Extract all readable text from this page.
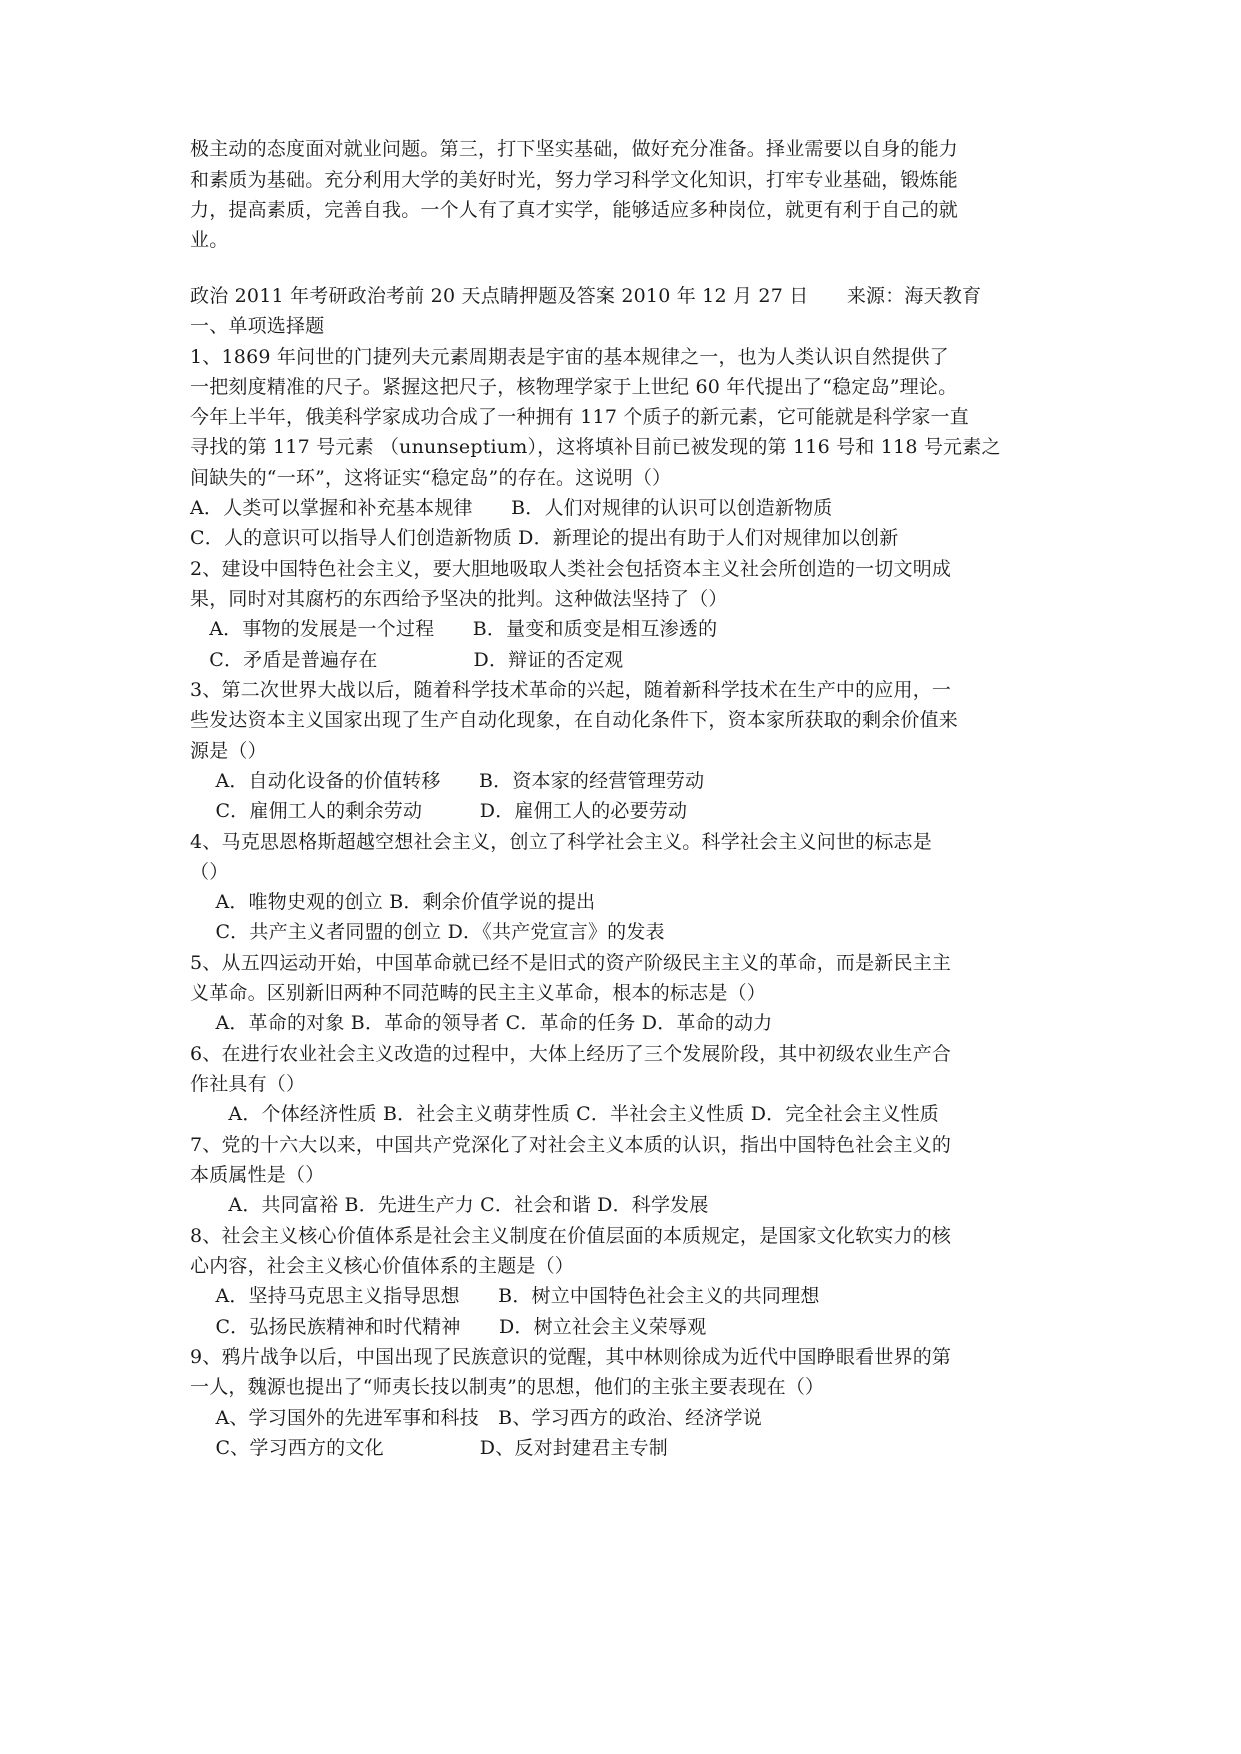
极主动的态度面对就业问题。第三，打下坚实基础，做好充分准备。择业需要以自身的能力
和素质为基础。充分利用大学的美好时光，努力学习科学文化知识，打牢专业基础，锻炼能
力，提高素质，完善自我。一个人有了真才实学，能够适应多种岗位，就更有利于自己的就
业。
政治 2011 年考研政治考前 20 天点睛押题及答案 2010 年 12 月 27 日　　来源：海天教育
一、单项选择题
1、1869 年问世的门捷列夫元素周期表是宇宙的基本规律之一，也为人类认识自然提供了
一把刻度精准的尺子。紧握这把尺子，核物理学家于上世纪 60 年代提出了“稳定岛”理论。
今年上半年，俄美科学家成功合成了一种拥有 117 个质子的新元素，它可能就是科学家一直
寻找的第 117 号元素 （ununseptium），这将填补目前已被发现的第 116 号和 118 号元素之
间缺失的“一环”，这将证实“稳定岛”的存在。这说明（）
A．人类可以掌握和补充基本规律　　B．人们对规律的认识可以创造新物质
C．人的意识可以指导人们创造新物质 D．新理论的提出有助于人们对规律加以创新
2、建设中国特色社会主义，要大胆地吸取人类社会包括资本主义社会所创造的一切文明成
果，同时对其腐朽的东西给予坚决的批判。这种做法坚持了（）
　A．事物的发展是一个过程　　B．量变和质变是相互渗透的
　C．矛盾是普遍存在　　　　　D．辩证的否定观
3、第二次世界大战以后，随着科学技术革命的兴起，随着新科学技术在生产中的应用，一
些发达资本主义国家出现了生产自动化现象，在自动化条件下，资本家所获取的剩余价值来
源是（）
　 A．自动化设备的价值转移　　B．资本家的经营管理劳动
　 C．雇佣工人的剩余劳动　　　D．雇佣工人的必要劳动
4、马克思恩格斯超越空想社会主义，创立了科学社会主义。科学社会主义问世的标志是
（）
　 A．唯物史观的创立 B．剩余价值学说的提出
　 C．共产主义者同盟的创立 D．《共产党宣言》的发表
5、从五四运动开始，中国革命就已经不是旧式的资产阶级民主主义的革命，而是新民主主
义革命。区别新旧两种不同范畴的民主主义革命，根本的标志是（）
　 A．革命的对象 B．革命的领导者 C．革命的任务 D．革命的动力
6、在进行农业社会主义改造的过程中，大体上经历了三个发展阶段，其中初级农业生产合
作社具有（）
　　A．个体经济性质 B．社会主义萌芽性质 C．半社会主义性质 D．完全社会主义性质
7、党的十六大以来，中国共产党深化了对社会主义本质的认识，指出中国特色社会主义的
本质属性是（）
　　A．共同富裕 B．先进生产力 C．社会和谐 D．科学发展
8、社会主义核心价值体系是社会主义制度在价值层面的本质规定，是国家文化软实力的核
心内容，社会主义核心价值体系的主题是（）
　 A．坚持马克思主义指导思想　　B．树立中国特色社会主义的共同理想
　 C．弘扬民族精神和时代精神　　D．树立社会主义荣辱观
9、鸦片战争以后，中国出现了民族意识的觉醒，其中林则徐成为近代中国睁眼看世界的第
一人，魏源也提出了“师夷长技以制夷”的思想，他们的主张主要表现在（）
　 A、学习国外的先进军事和科技　B、学习西方的政治、经济学说
　 C、学习西方的文化　　　　　D、反对封建君主专制
